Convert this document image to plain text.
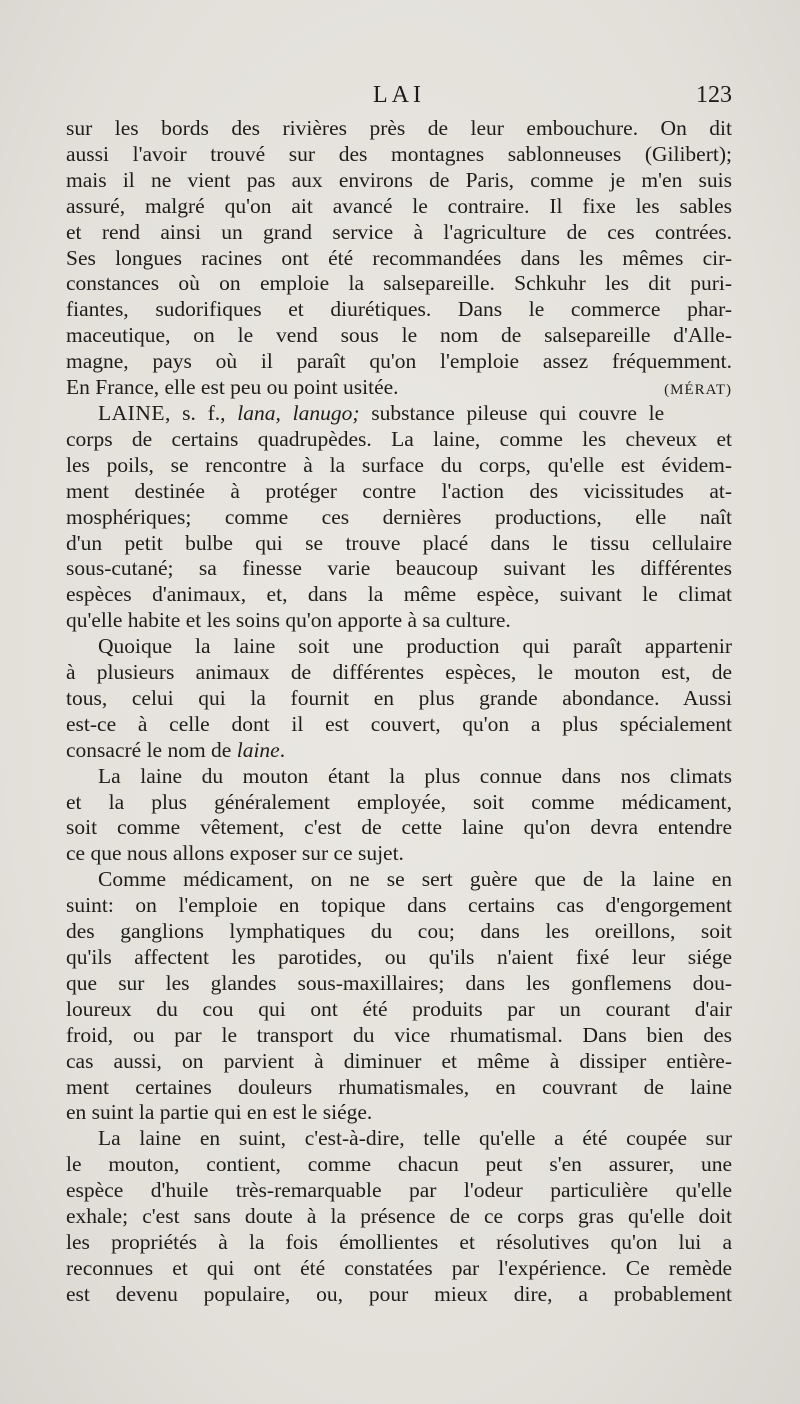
LAI	123

sur les bords des rivières près de leur embouchure. On dit
aussi l'avoir trouvé sur des montagnes sablonneuses (Gilibert);
mais il ne vient pas aux environs de Paris, comme je m'en suis
assuré, malgré qu'on ait avancé le contraire. Il fixe les sables
et rend ainsi un grand service à l'agriculture de ces contrées.
Ses longues racines ont été recommandées dans les mêmes cir-
constances où on emploie la salsepareille. Schkuhr les dit puri-
fiantes, sudorifiques et diurétiques. Dans le commerce phar-
maceutique, on le vend sous le nom de salsepareille d'Alle-
magne, pays où il paraît qu'on l'emploie assez fréquemment.
En France, elle est peu ou point usitée.	(MÉRAT)

LAINE, s. f., lana, lanugo; substance pileuse qui couvre le
corps de certains quadrupèdes. La laine, comme les cheveux et
les poils, se rencontre à la surface du corps, qu'elle est évidem-
ment destinée à protéger contre l'action des vicissitudes at-
mosphériques; comme ces dernières productions, elle naît
d'un petit bulbe qui se trouve placé dans le tissu cellulaire
sous-cutané; sa finesse varie beaucoup suivant les différentes
espèces d'animaux, et, dans la même espèce, suivant le climat
qu'elle habite et les soins qu'on apporte à sa culture.

Quoique la laine soit une production qui paraît appartenir
à plusieurs animaux de différentes espèces, le mouton est, de
tous, celui qui la fournit en plus grande abondance. Aussi
est-ce à celle dont il est couvert, qu'on a plus spécialement
consacré le nom de laine.

La laine du mouton étant la plus connue dans nos climats
et la plus généralement employée, soit comme médicament,
soit comme vêtement, c'est de cette laine qu'on devra entendre
ce que nous allons exposer sur ce sujet.

Comme médicament, on ne se sert guère que de la laine en
suint: on l'emploie en topique dans certains cas d'engorgement
des ganglions lymphatiques du cou; dans les oreillons, soit
qu'ils affectent les parotides, ou qu'ils n'aient fixé leur siége
que sur les glandes sous-maxillaires; dans les gonflemens dou-
loureux du cou qui ont été produits par un courant d'air
froid, ou par le transport du vice rhumatismal. Dans bien des
cas aussi, on parvient à diminuer et même à dissiper entière-
ment certaines douleurs rhumatismales, en couvrant de laine
en suint la partie qui en est le siége.

La laine en suint, c'est-à-dire, telle qu'elle a été coupée sur
le mouton, contient, comme chacun peut s'en assurer, une
espèce d'huile très-remarquable par l'odeur particulière qu'elle
exhale; c'est sans doute à la présence de ce corps gras qu'elle doit
les propriétés à la fois émollientes et résolutives qu'on lui a
reconnues et qui ont été constatées par l'expérience. Ce remède
est devenu populaire, ou, pour mieux dire, a probablement
